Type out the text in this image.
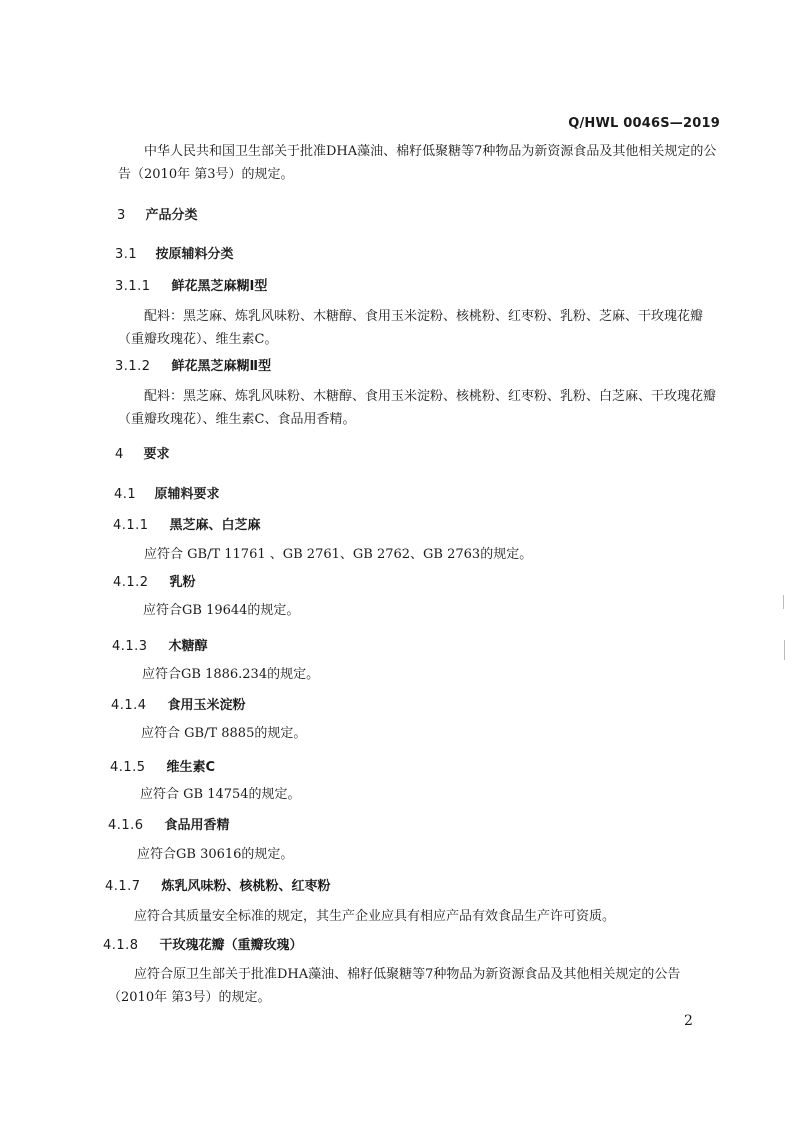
Q/HWL 0046S—2019

中华人民共和国卫生部关于批准DHA藻油、棉籽低聚糖等7种物品为新资源食品及其他相关规定的公告（2010年 第3号）的规定。

3 产品分类
3.1 按原辅料分类
3.1.1 鲜花黑芝麻糊Ⅰ型

配料：黑芝麻、炼乳风味粉、木糖醇、食用玉米淀粉、核桃粉、红枣粉、乳粉、芝麻、干玫瑰花瓣（重瓣玫瑰花）、维生素C。

3.1.2 鲜花黑芝麻糊Ⅱ型

配料：黑芝麻、炼乳风味粉、木糖醇、食用玉米淀粉、核桃粉、红枣粉、乳粉、白芝麻、干玫瑰花瓣（重瓣玫瑰花）、维生素C、食品用香精。

4 要求
4.1 原辅料要求
4.1.1 黑芝麻、白芝麻

应符合 GB/T 11761 、GB 2761、GB 2762、GB 2763的规定。

4.1.2 乳粉

应符合GB 19644的规定。

4.1.3 木糖醇

应符合GB 1886.234的规定。

4.1.4 食用玉米淀粉

应符合 GB/T 8885的规定。

4.1.5 维生素C

应符合 GB 14754的规定。

4.1.6 食品用香精

应符合GB 30616的规定。

4.1.7 炼乳风味粉、核桃粉、红枣粉

应符合其质量安全标准的规定，其生产企业应具有相应产品有效食品生产许可资质。

4.1.8 干玫瑰花瓣（重瓣玫瑰）

应符合原卫生部关于批准DHA藻油、棉籽低聚糖等7种物品为新资源食品及其他相关规定的公告（2010年 第3号）的规定。

2
